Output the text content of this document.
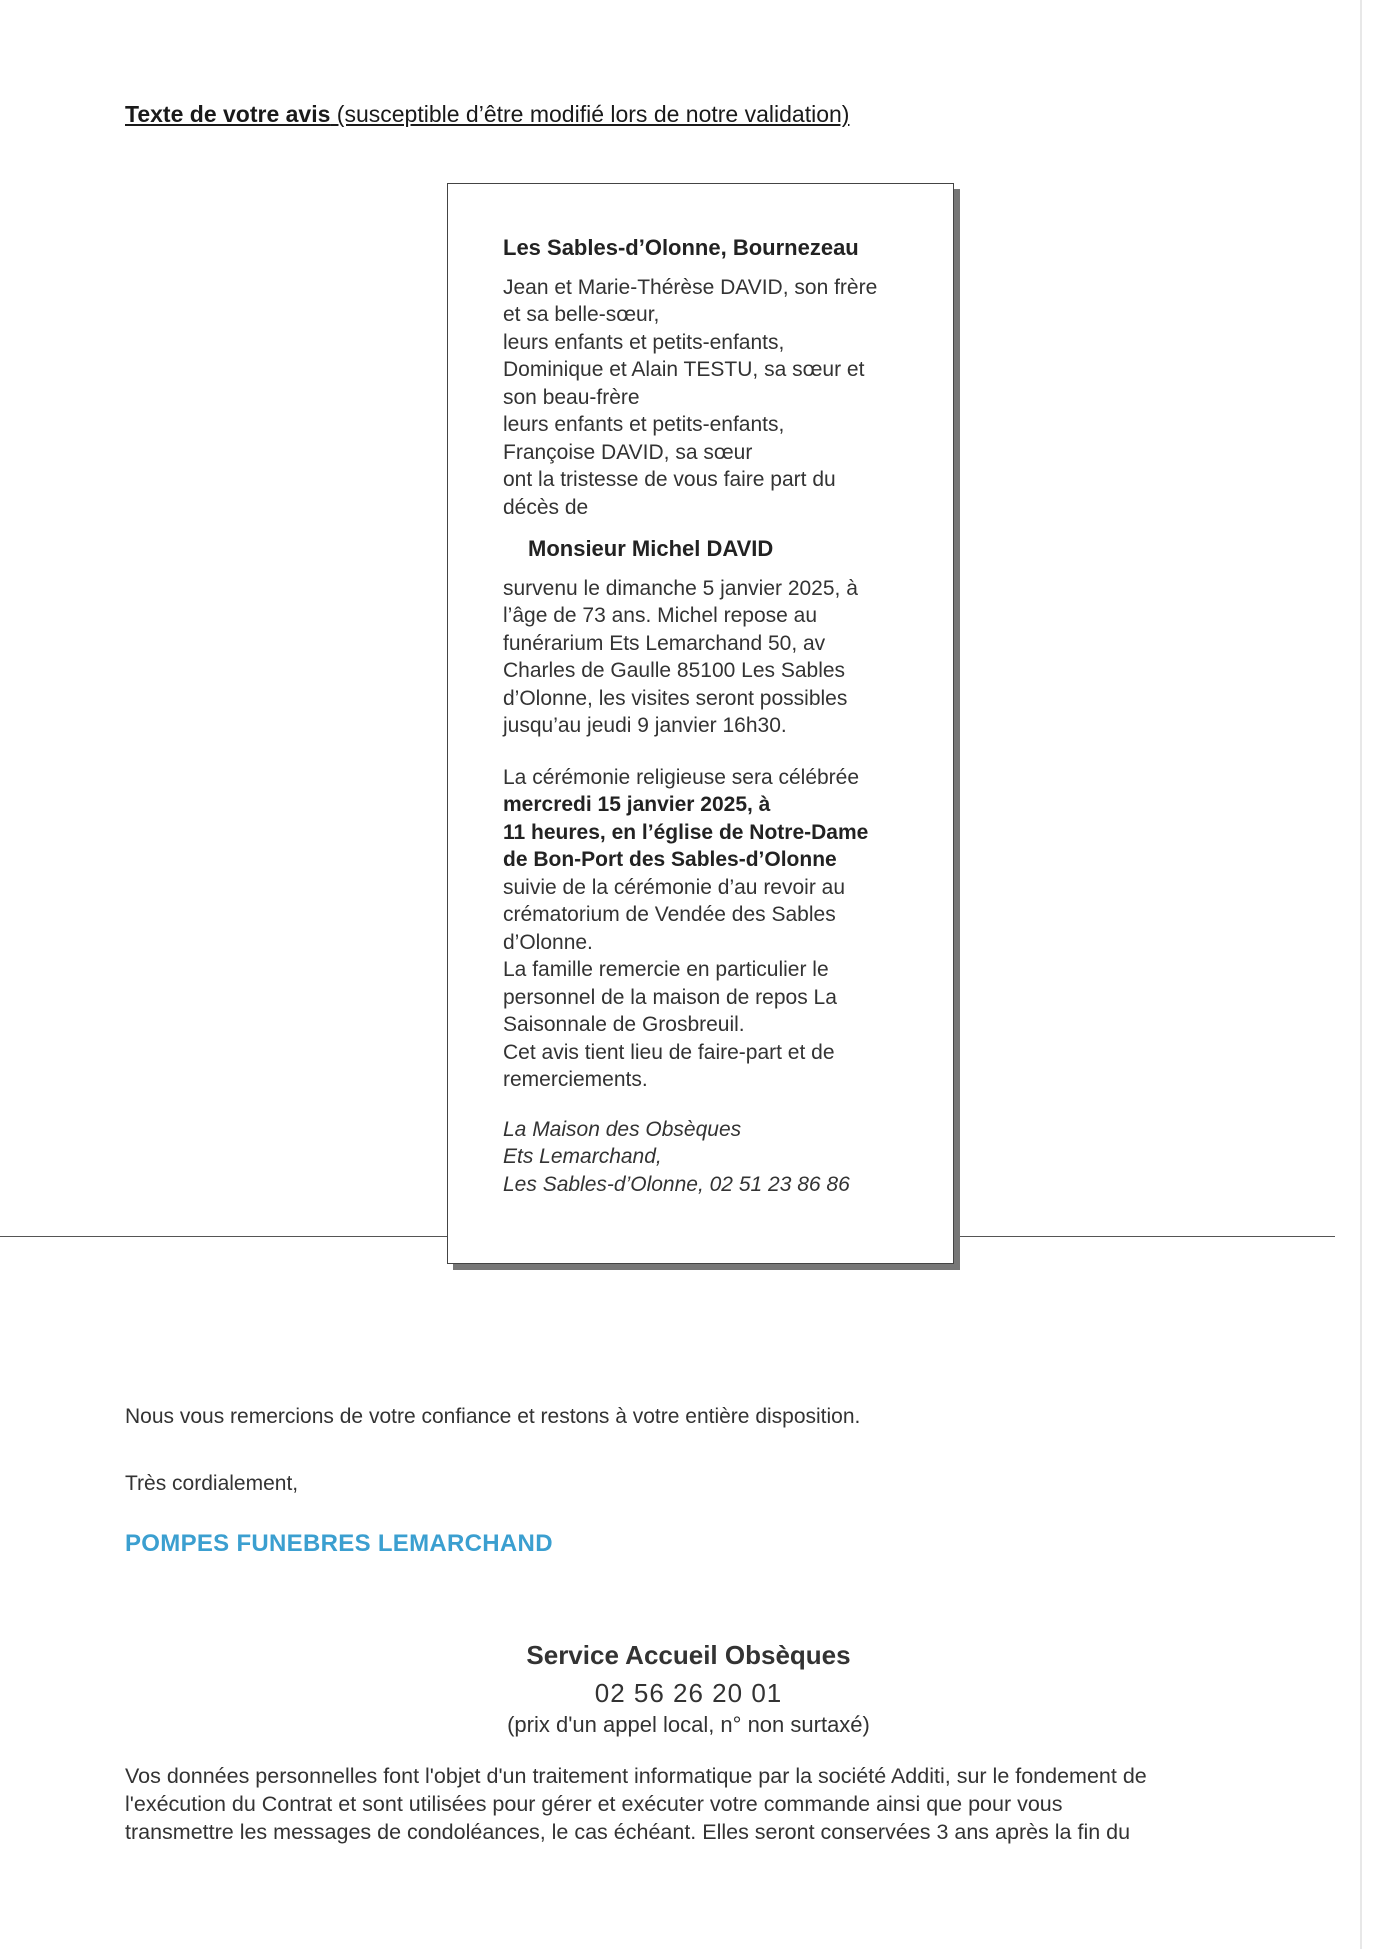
Texte de votre avis (susceptible d’être modifié lors de notre validation)

Les Sables-d’Olonne, Bournezeau

Jean et Marie-Thérèse DAVID, son frère

et sa belle-sœur,

leurs enfants et petits-enfants,

Dominique et Alain TESTU, sa sœur et

son beau-frère

leurs enfants et petits-enfants,

Françoise DAVID, sa sœur

ont la tristesse de vous faire part du

décès de

Monsieur Michel DAVID

survenu le dimanche 5 janvier 2025, à

l’âge de 73 ans. Michel repose au

funérarium Ets Lemarchand 50, av

Charles de Gaulle 85100 Les Sables

d’Olonne, les visites seront possibles

jusqu’au jeudi 9 janvier 16h30.

La cérémonie religieuse sera célébrée

mercredi 15 janvier 2025, à

11 heures, en l’église de Notre-Dame

de Bon-Port des Sables-d’Olonne

suivie de la cérémonie d’au revoir au

crématorium de Vendée des Sables

d’Olonne.

La famille remercie en particulier le

personnel de la maison de repos La

Saisonnale de Grosbreuil.

Cet avis tient lieu de faire-part et de

remerciements.

La Maison des Obsèques

Ets Lemarchand,

Les Sables-d’Olonne, 02 51 23 86 86

Nous vous remercions de votre confiance et restons à votre entière disposition.
Très cordialement,
POMPES FUNEBRES LEMARCHAND
Service Accueil Obsèques
02 56 26 20 01
(prix d'un appel local, n° non surtaxé)
Vos données personnelles font l'objet d'un traitement informatique par la société Additi, sur le fondement de
l'exécution du Contrat et sont utilisées pour gérer et exécuter votre commande ainsi que pour vous
transmettre les messages de condoléances, le cas échéant. Elles seront conservées 3 ans après la fin du
